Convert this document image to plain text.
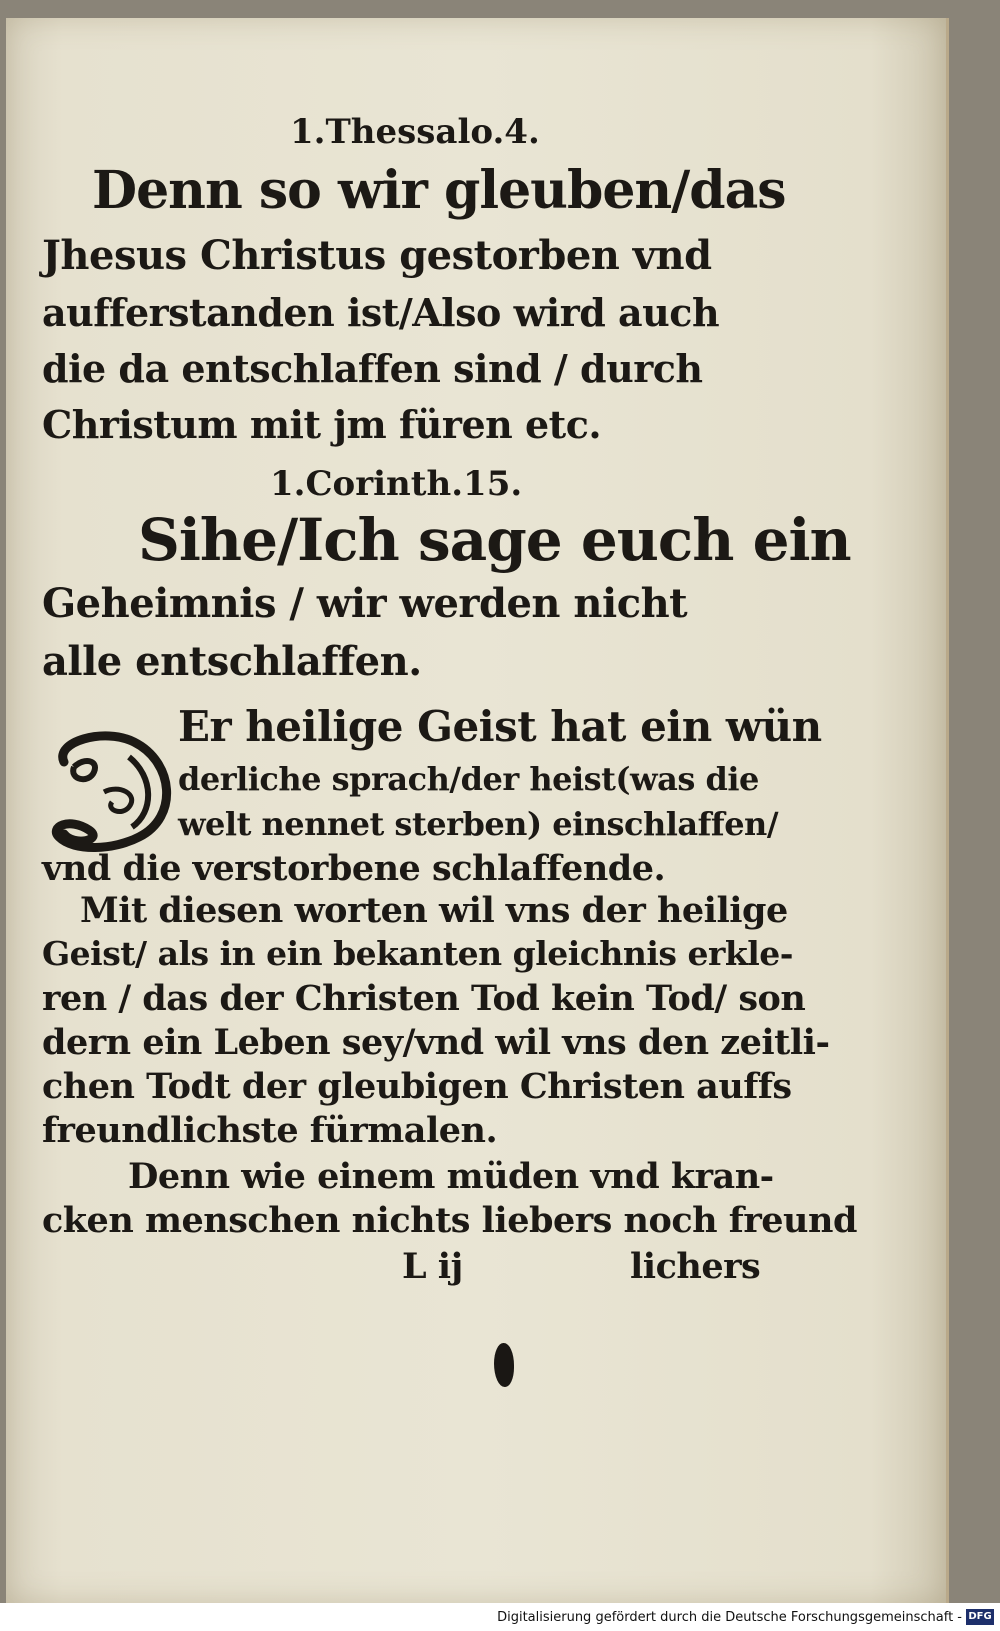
1.Thessalo.4.
Denn so wir gleuben/das
Jhesus Christus gestorben vnd
aufferstanden ist/Also wird auch
die da entschlaffen sind / durch
Christum mit jm füren etc.
1.Corinth.15.
Sihe/Ich sage euch ein
Geheimnis / wir werden nicht
alle entschlaffen.
Er heilige Geist hat ein wün
derliche sprach/der heist(was die
welt nennet sterben) einschlaffen/
vnd die verstorbene schlaffende.
Mit diesen worten wil vns der heilige
Geist/ als in ein bekanten gleichnis erkle-
ren / das der Christen Tod kein Tod/ son
dern ein Leben sey/vnd wil vns den zeitli-
chen Todt der gleubigen Christen auffs
freundlichste fürmalen.
Denn wie einem müden vnd kran-
cken menschen nichts liebers noch freund
L ij	lichers
Digitalisierung gefördert durch die Deutsche Forschungsgemeinschaft - DFG
